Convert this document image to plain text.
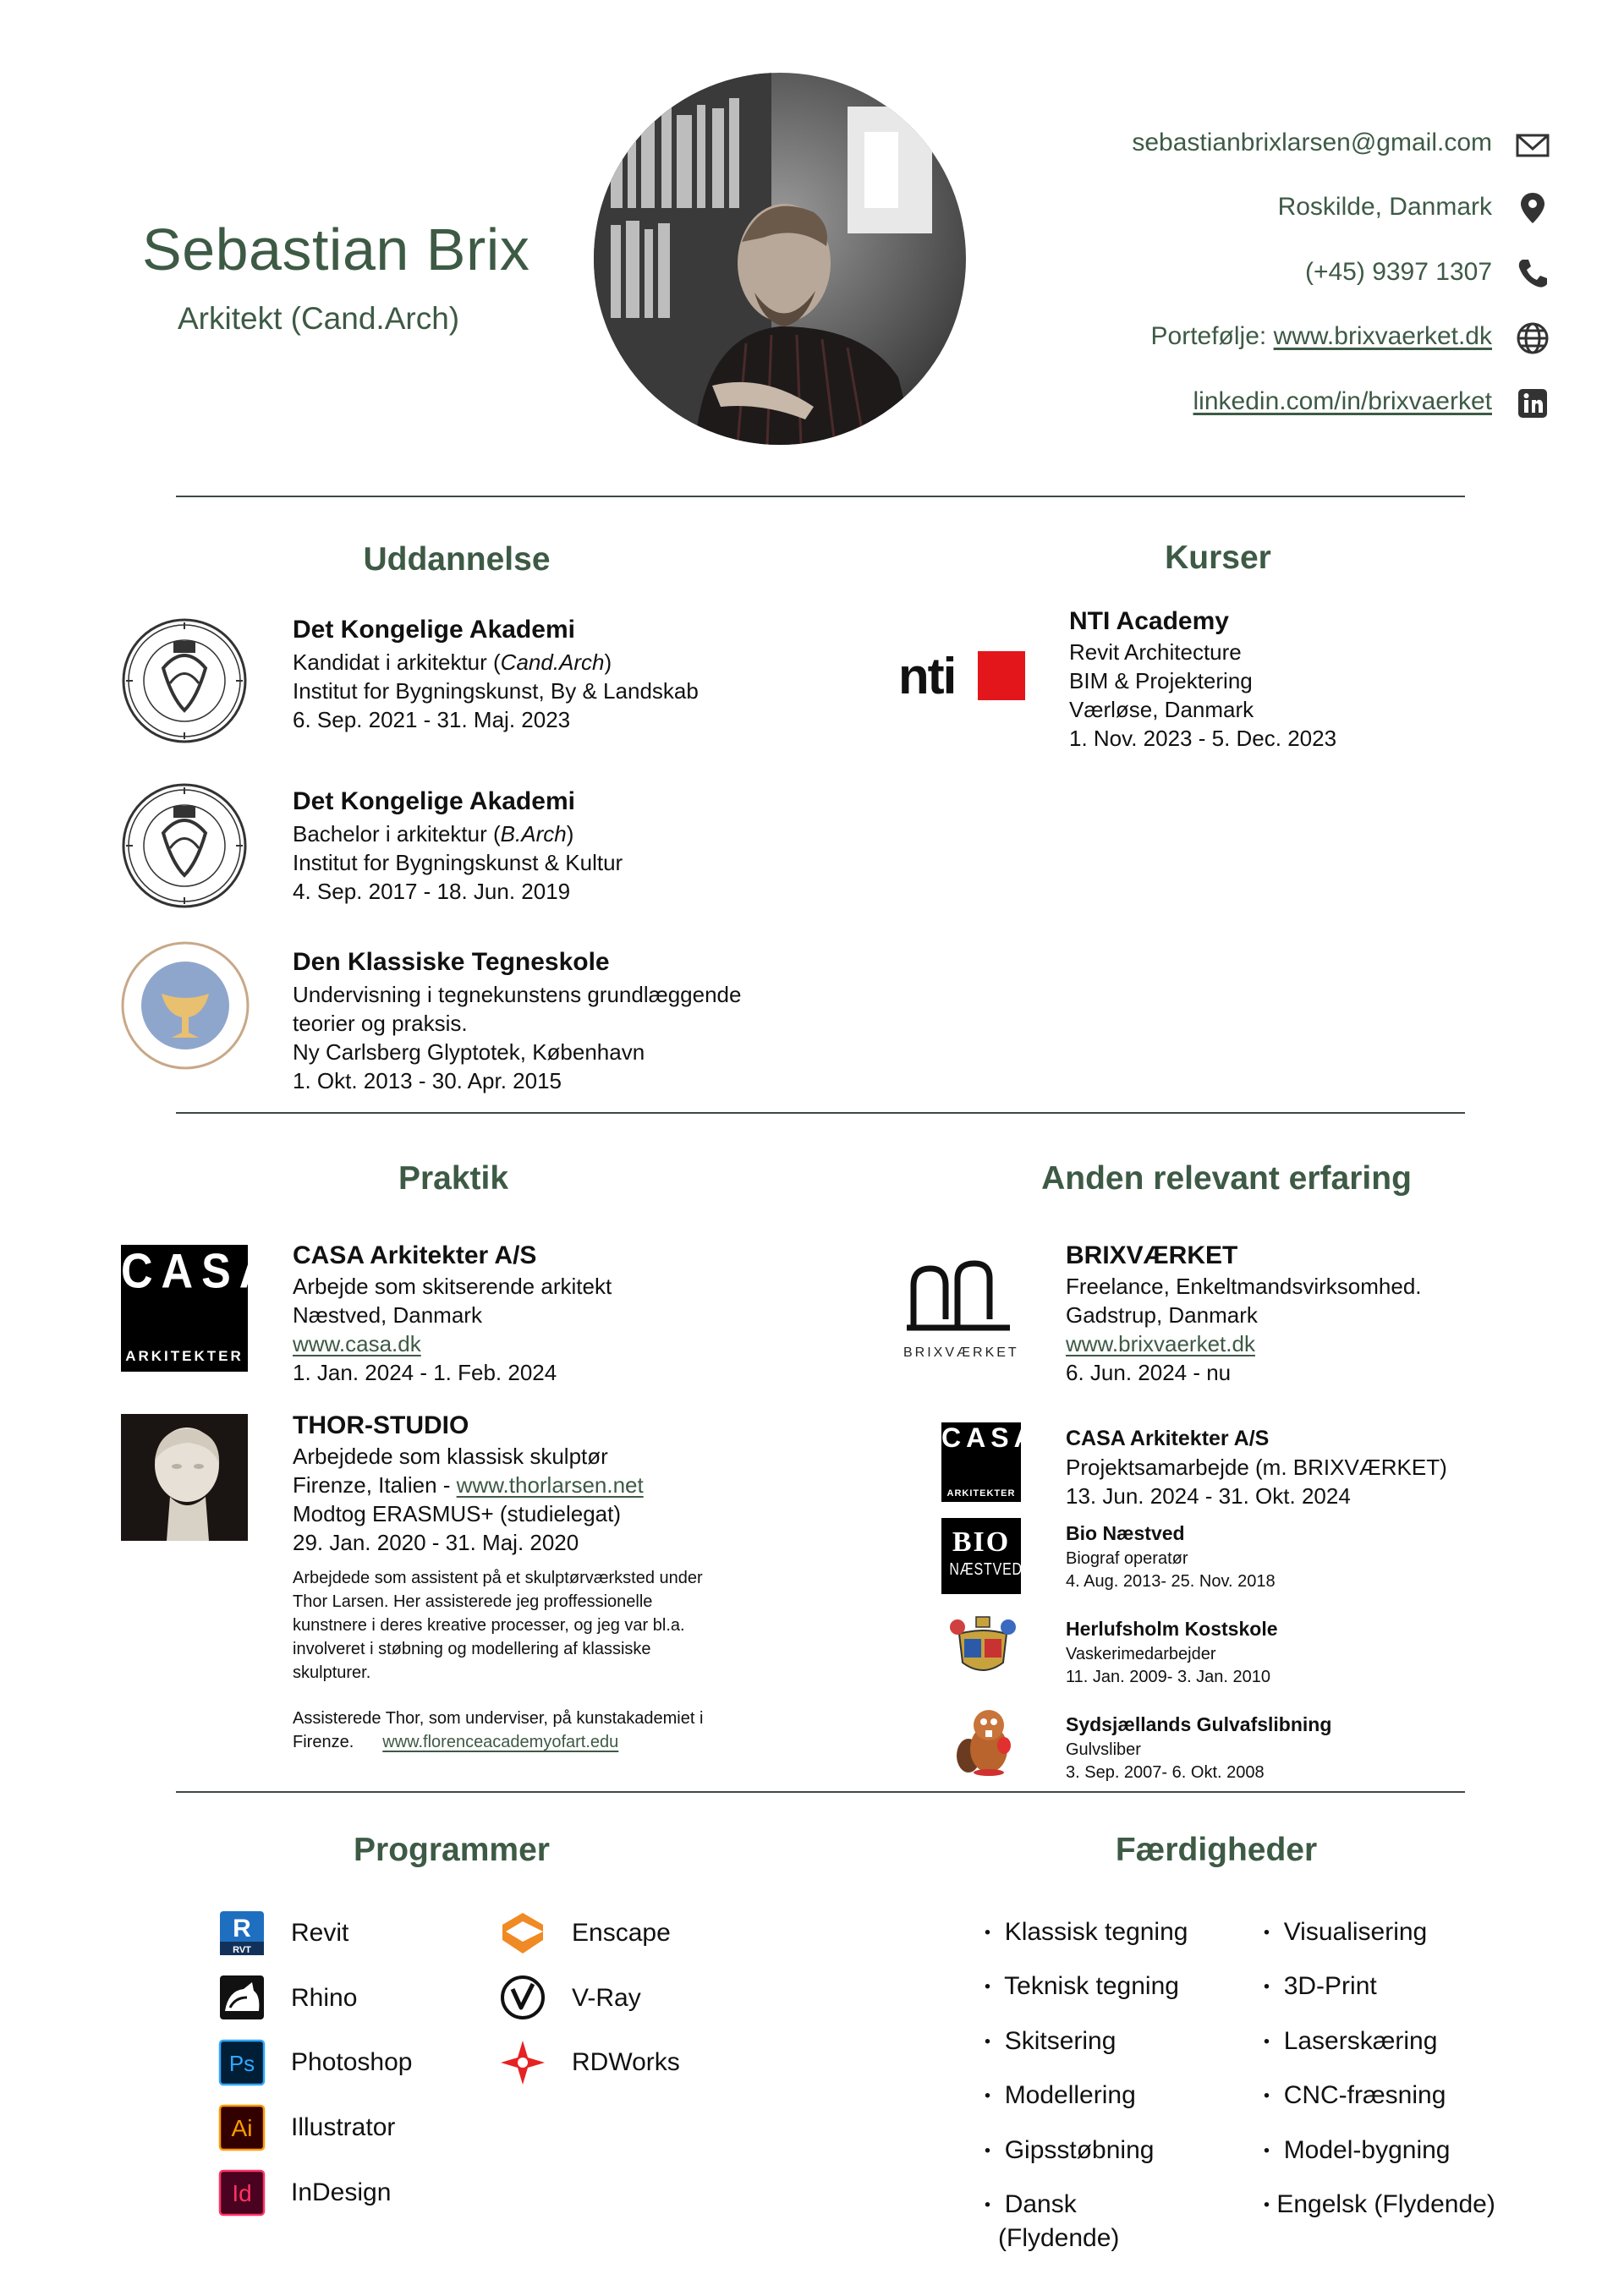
Sebastian Brix
Arkitekt (Cand.Arch)
sebastianbrixlarsen@gmail.com
Roskilde, Danmark
(+45) 9397 1307
Portefølje: www.brixvaerket.dk
linkedin.com/in/brixvaerket
Uddannelse	Kurser
Det Kongelige Akademi
Kandidat i arkitektur (Cand.Arch)
Institut for Bygningskunst, By & Landskab
6. Sep. 2021 - 31. Maj. 2023
Det Kongelige Akademi
Bachelor i arkitektur (B.Arch)
Institut for Bygningskunst & Kultur
4. Sep. 2017 - 18. Jun. 2019
Den Klassiske Tegneskole
Undervisning i tegnekunstens grundlæggende
teorier og praksis.
Ny Carlsberg Glyptotek, København
1. Okt. 2013 - 30. Apr. 2015
nti
NTI Academy
Revit Architecture
BIM & Projektering
Værløse, Danmark
1. Nov. 2023 - 5. Dec. 2023
Praktik	Anden relevant erfaring
CASA
ARKITEKTER
CASA Arkitekter A/S
Arbejde som skitserende arkitekt
Næstved, Danmark
www.casa.dk
1. Jan. 2024 - 1. Feb. 2024
THOR-STUDIO
Arbejdede som klassisk skulptør
Firenze, Italien - www.thorlarsen.net
Modtog ERASMUS+ (studielegat)
29. Jan. 2020 - 31. Maj. 2020
Arbejdede som assistent på et skulptørværksted under
Thor Larsen. Her assisterede jeg proffessionelle
kunstnere i deres kreative processer, og jeg var bl.a.
involveret i støbning og modellering af klassiske
skulpturer.
Assisterede Thor, som underviser, på kunstakademiet i
Firenze. www.florenceacademyofart.edu
BRIXVÆRKET
BRIXVÆRKET
Freelance, Enkeltmandsvirksomhed.
Gadstrup, Danmark
www.brixvaerket.dk
6. Jun. 2024 - nu
CASA
ARKITEKTER
CASA Arkitekter A/S
Projektsamarbejde (m. BRIXVÆRKET)
13. Jun. 2024 - 31. Okt. 2024
BIO
NÆSTVED
Bio Næstved
Biograf operatør
4. Aug. 2013- 25. Nov. 2018
Herlufsholm Kostskole
Vaskerimedarbejder
11. Jan. 2009- 3. Jan. 2010
Sydsjællands Gulvafslibning
Gulvsliber
3. Sep. 2007- 6. Okt. 2008
Programmer	Færdigheder
R
RVT
Revit
Rhino
Ps Photoshop
Ai Illustrator
Id InDesign
Enscape
V-Ray
RDWorks
• Klassisk tegning
• Teknisk tegning
• Skitsering
• Modellering
• Gipsstøbning
• Dansk
(Flydende)
• Visualisering
• 3D-Print
• Laserskæring
• CNC-fræsning
• Model-bygning
• Engelsk (Flydende)
